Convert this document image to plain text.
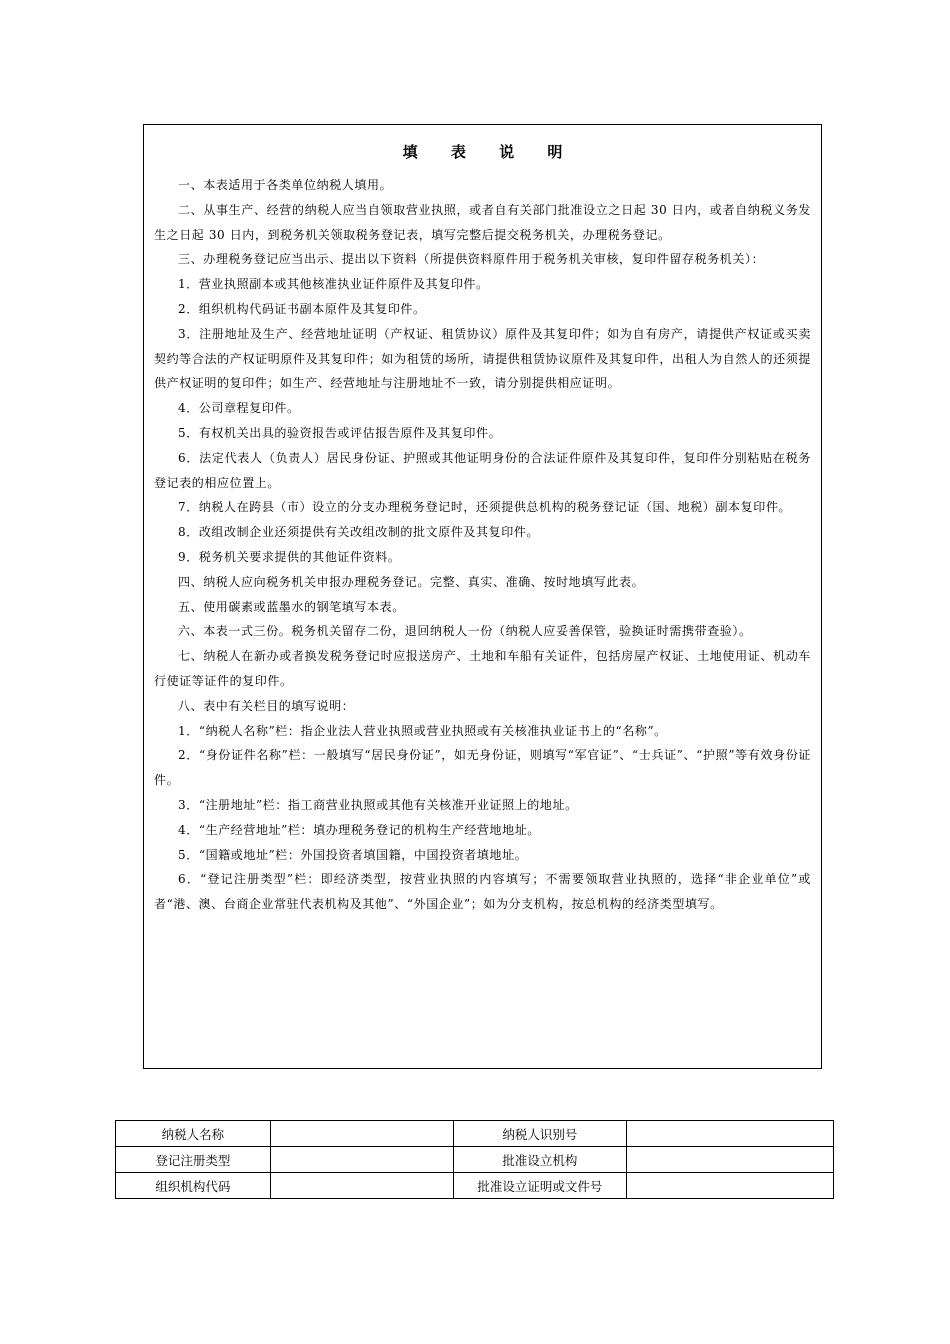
填 表 说 明

一、本表适用于各类单位纳税人填用。

二、从事生产、经营的纳税人应当自领取营业执照，或者自有关部门批准设立之日起 30 日内，或者自纳税义务发生之日起 30 日内，到税务机关领取税务登记表，填写完整后提交税务机关，办理税务登记。

三、办理税务登记应当出示、提出以下资料（所提供资料原件用于税务机关审核，复印件留存税务机关）：

1．营业执照副本或其他核准执业证件原件及其复印件。

2．组织机构代码证书副本原件及其复印件。

3．注册地址及生产、经营地址证明（产权证、租赁协议）原件及其复印件；如为自有房产，请提供产权证或买卖契约等合法的产权证明原件及其复印件；如为租赁的场所，请提供租赁协议原件及其复印件，出租人为自然人的还须提供产权证明的复印件；如生产、经营地址与注册地址不一致，请分别提供相应证明。

4．公司章程复印件。

5．有权机关出具的验资报告或评估报告原件及其复印件。

6．法定代表人（负责人）居民身份证、护照或其他证明身份的合法证件原件及其复印件，复印件分别粘贴在税务登记表的相应位置上。

7．纳税人在跨县（市）设立的分支办理税务登记时，还须提供总机构的税务登记证（国、地税）副本复印件。

8．改组改制企业还须提供有关改组改制的批文原件及其复印件。

9．税务机关要求提供的其他证件资料。

四、纳税人应向税务机关申报办理税务登记。完整、真实、准确、按时地填写此表。

五、使用碳素或蓝墨水的钢笔填写本表。

六、本表一式三份。税务机关留存二份，退回纳税人一份（纳税人应妥善保管，验换证时需携带查验）。

七、纳税人在新办或者换发税务登记时应报送房产、土地和车船有关证件，包括房屋产权证、土地使用证、机动车行使证等证件的复印件。

八、表中有关栏目的填写说明：

1．“纳税人名称”栏：指企业法人营业执照或营业执照或有关核准执业证书上的“名称”。

2．“身份证件名称”栏：一般填写“居民身份证”，如无身份证，则填写“军官证”、“士兵证”、“护照”等有效身份证件。

3．“注册地址”栏：指工商营业执照或其他有关核准开业证照上的地址。

4．“生产经营地址”栏：填办理税务登记的机构生产经营地地址。

5．“国籍或地址”栏：外国投资者填国籍，中国投资者填地址。

6．“登记注册类型”栏：即经济类型，按营业执照的内容填写；不需要领取营业执照的，选择“非企业单位”或者“港、澳、台商企业常驻代表机构及其他”、“外国企业”；如为分支机构，按总机构的经济类型填写。

纳税人名称		纳税人识别号	
登记注册类型		批准设立机构	
组织机构代码		批准设立证明或文件号	
